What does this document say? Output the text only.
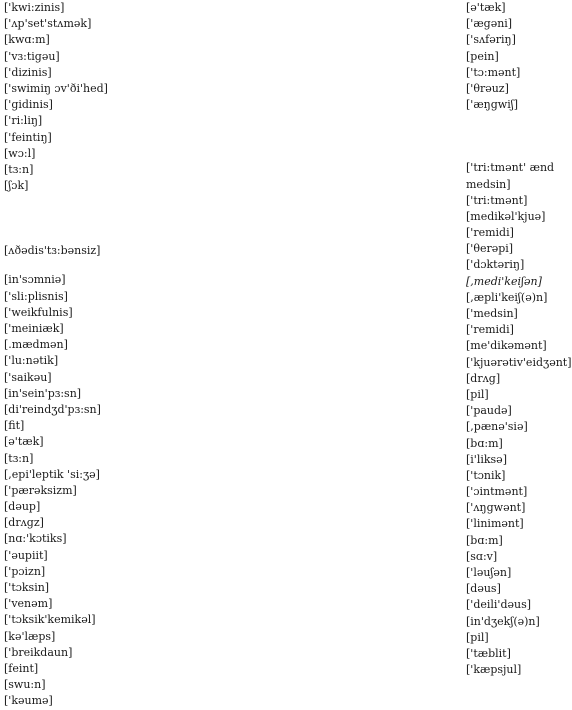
['kwi:zinis]
['ʌp'set'stʌmək]
[kwɑ:m]
['vɜ:tigəu]
['dizinis]
['swimiŋ ɔv'ði'hed]
['gidinis]
['ri:liŋ]
['feintiŋ]
[wɔ:l]
[tɜ:n]
[ʃɔk]
[ʌðədis'tɜ:bənsiz]
[in'sɔmniə]
['sli:plisnis]
['weikfulnis]
['meiniæk]
[.mædmən]
['lu:nətik]
['saikəu]
[in'sein'pɜ:sn]
[di'reindʒd'pɜ:sn]
[fit]
[ə'tæk]
[tɜ:n]
[,epi'leptik 'si:ʒə]
['pærəksizm]
[dəup]
[drʌgz]
[nɑ:'kɔtiks]
['əupiit]
['pɔizn]
['tɔksin]
['venəm]
['tɔksik'kemikəl]
[kə'læps]
['breikdaun]
[feint]
[swu:n]
['kəumə]
[ə'tæk]
['ægəni]
['sʌfəriŋ]
[pein]
['tɔ:mənt]
['θrəuz]
['æŋgwiʃ]
['tri:tmənt' ænd medsin]
['tri:tmənt]
[medikəl'kjuə]
['remidi]
['θerəpi]
['dɔktəriŋ]
[,medi'keiʃən]
[,æpli'keiʃ(ə)n]
['medsin]
['remidi]
[me'dikəmənt]
['kjuərətiv'eidʒənt]
[drʌg]
[pil]
['paudə]
[,pænə'siə]
[bɑ:m]
[i'liksə]
['tɔnik]
['ɔintmənt]
['ʌŋgwənt]
['linimənt]
[bɑ:m]
[sɑ:v]
['ləuʃən]
[dəus]
['deili'dəus]
[in'dʒekʃ(ə)n]
[pil]
['tæblit]
['kæpsjul]
